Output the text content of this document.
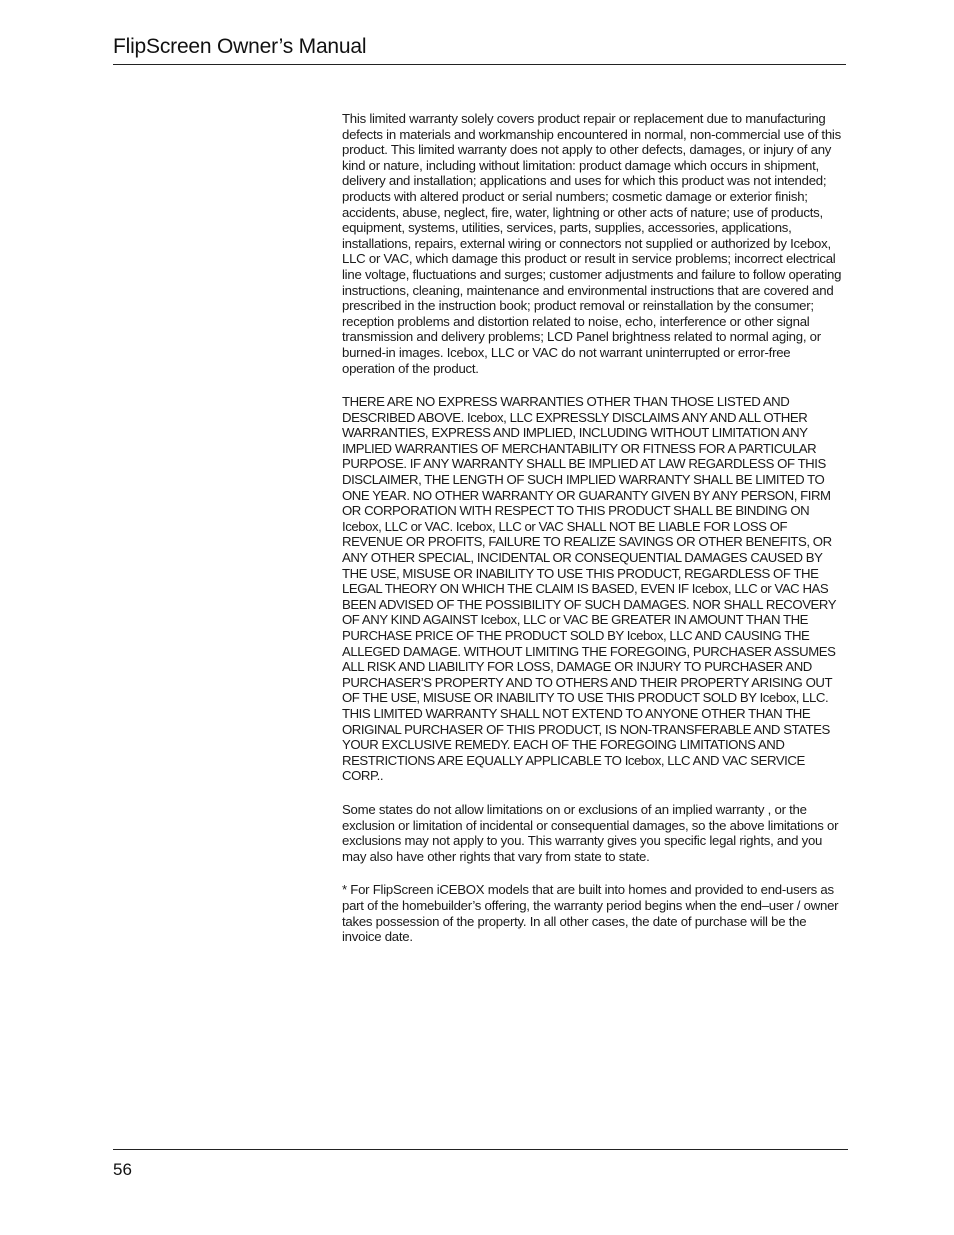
FlipScreen Owner’s Manual

This limited warranty solely covers product repair or replacement due to manufacturing defects in materials and workmanship encountered in normal, non-commercial use of this product. This limited warranty does not apply to other defects, damages, or injury of any kind or nature, including without limitation: product damage which occurs in shipment, delivery and installation; applications and uses for which this product was not intended; products with altered product or serial numbers; cosmetic damage or exterior finish; accidents, abuse, neglect, fire, water, lightning or other acts of nature; use of products, equipment, systems, utilities, services, parts, supplies, accessories, applications, installations, repairs, external wiring or connectors not supplied or authorized by Icebox, LLC or VAC, which damage this product or result in service problems; incorrect electrical line voltage, fluctuations and surges; customer adjustments and failure to follow operating instructions, cleaning, maintenance and environmental instructions that are covered and prescribed in the instruction book; product removal or reinstallation by the consumer; reception problems and distortion related to noise, echo, interference or other signal transmission and delivery problems; LCD Panel brightness related to normal aging, or burned-in images. Icebox, LLC or VAC do not warrant uninterrupted or error-free operation of the product.

THERE ARE NO EXPRESS WARRANTIES OTHER THAN THOSE LISTED AND DESCRIBED ABOVE. Icebox, LLC EXPRESSLY DISCLAIMS ANY AND ALL OTHER WARRANTIES, EXPRESS AND IMPLIED, INCLUDING WITHOUT LIMITATION ANY IMPLIED WARRANTIES OF MERCHANTABILITY OR FITNESS FOR A PARTICULAR PURPOSE. IF ANY WARRANTY SHALL BE IMPLIED AT LAW REGARDLESS OF THIS DISCLAIMER, THE LENGTH OF SUCH IMPLIED WARRANTY SHALL BE LIMITED TO ONE YEAR. NO OTHER WARRANTY OR GUARANTY GIVEN BY ANY PERSON, FIRM OR CORPORATION WITH RESPECT TO THIS PRODUCT SHALL BE BINDING ON Icebox, LLC or VAC. Icebox, LLC or VAC SHALL NOT BE LIABLE FOR LOSS OF REVENUE OR PROFITS, FAILURE TO REALIZE SAVINGS OR OTHER BENEFITS, OR ANY OTHER SPECIAL, INCIDENTAL OR CONSEQUENTIAL DAMAGES CAUSED BY THE USE, MISUSE OR INABILITY TO USE THIS PRODUCT, REGARDLESS OF THE LEGAL THEORY ON WHICH THE CLAIM IS BASED, EVEN IF Icebox, LLC or VAC HAS BEEN ADVISED OF THE POSSIBILITY OF SUCH DAMAGES. NOR SHALL RECOVERY OF ANY KIND AGAINST Icebox, LLC or VAC BE GREATER IN AMOUNT THAN THE PURCHASE PRICE OF THE PRODUCT SOLD BY Icebox, LLC AND CAUSING THE ALLEGED DAMAGE. WITHOUT LIMITING THE FOREGOING, PURCHASER ASSUMES ALL RISK AND LIABILITY FOR LOSS, DAMAGE OR INJURY TO PURCHASER AND PURCHASER’S PROPERTY AND TO OTHERS AND THEIR PROPERTY ARISING OUT OF THE USE, MISUSE OR INABILITY TO USE THIS PRODUCT SOLD BY Icebox, LLC. THIS LIMITED WARRANTY SHALL NOT EXTEND TO ANYONE OTHER THAN THE ORIGINAL PURCHASER OF THIS PRODUCT, IS NON-TRANSFERABLE AND STATES YOUR EXCLUSIVE REMEDY. EACH OF THE FOREGOING LIMITATIONS AND RESTRICTIONS ARE EQUALLY APPLICABLE TO Icebox, LLC AND VAC SERVICE CORP..

Some states do not allow limitations on or exclusions of an implied warranty , or the exclusion or limitation of incidental or consequential damages, so the above limitations or exclusions may not apply to you. This warranty gives you specific legal rights, and you may also have other rights that vary from state to state.

* For FlipScreen iCEBOX models that are built into homes and provided to end-users as part of the homebuilder’s offering, the warranty period begins when the end–user / owner takes possession of the property. In all other cases, the date of purchase will be the invoice date.

56
